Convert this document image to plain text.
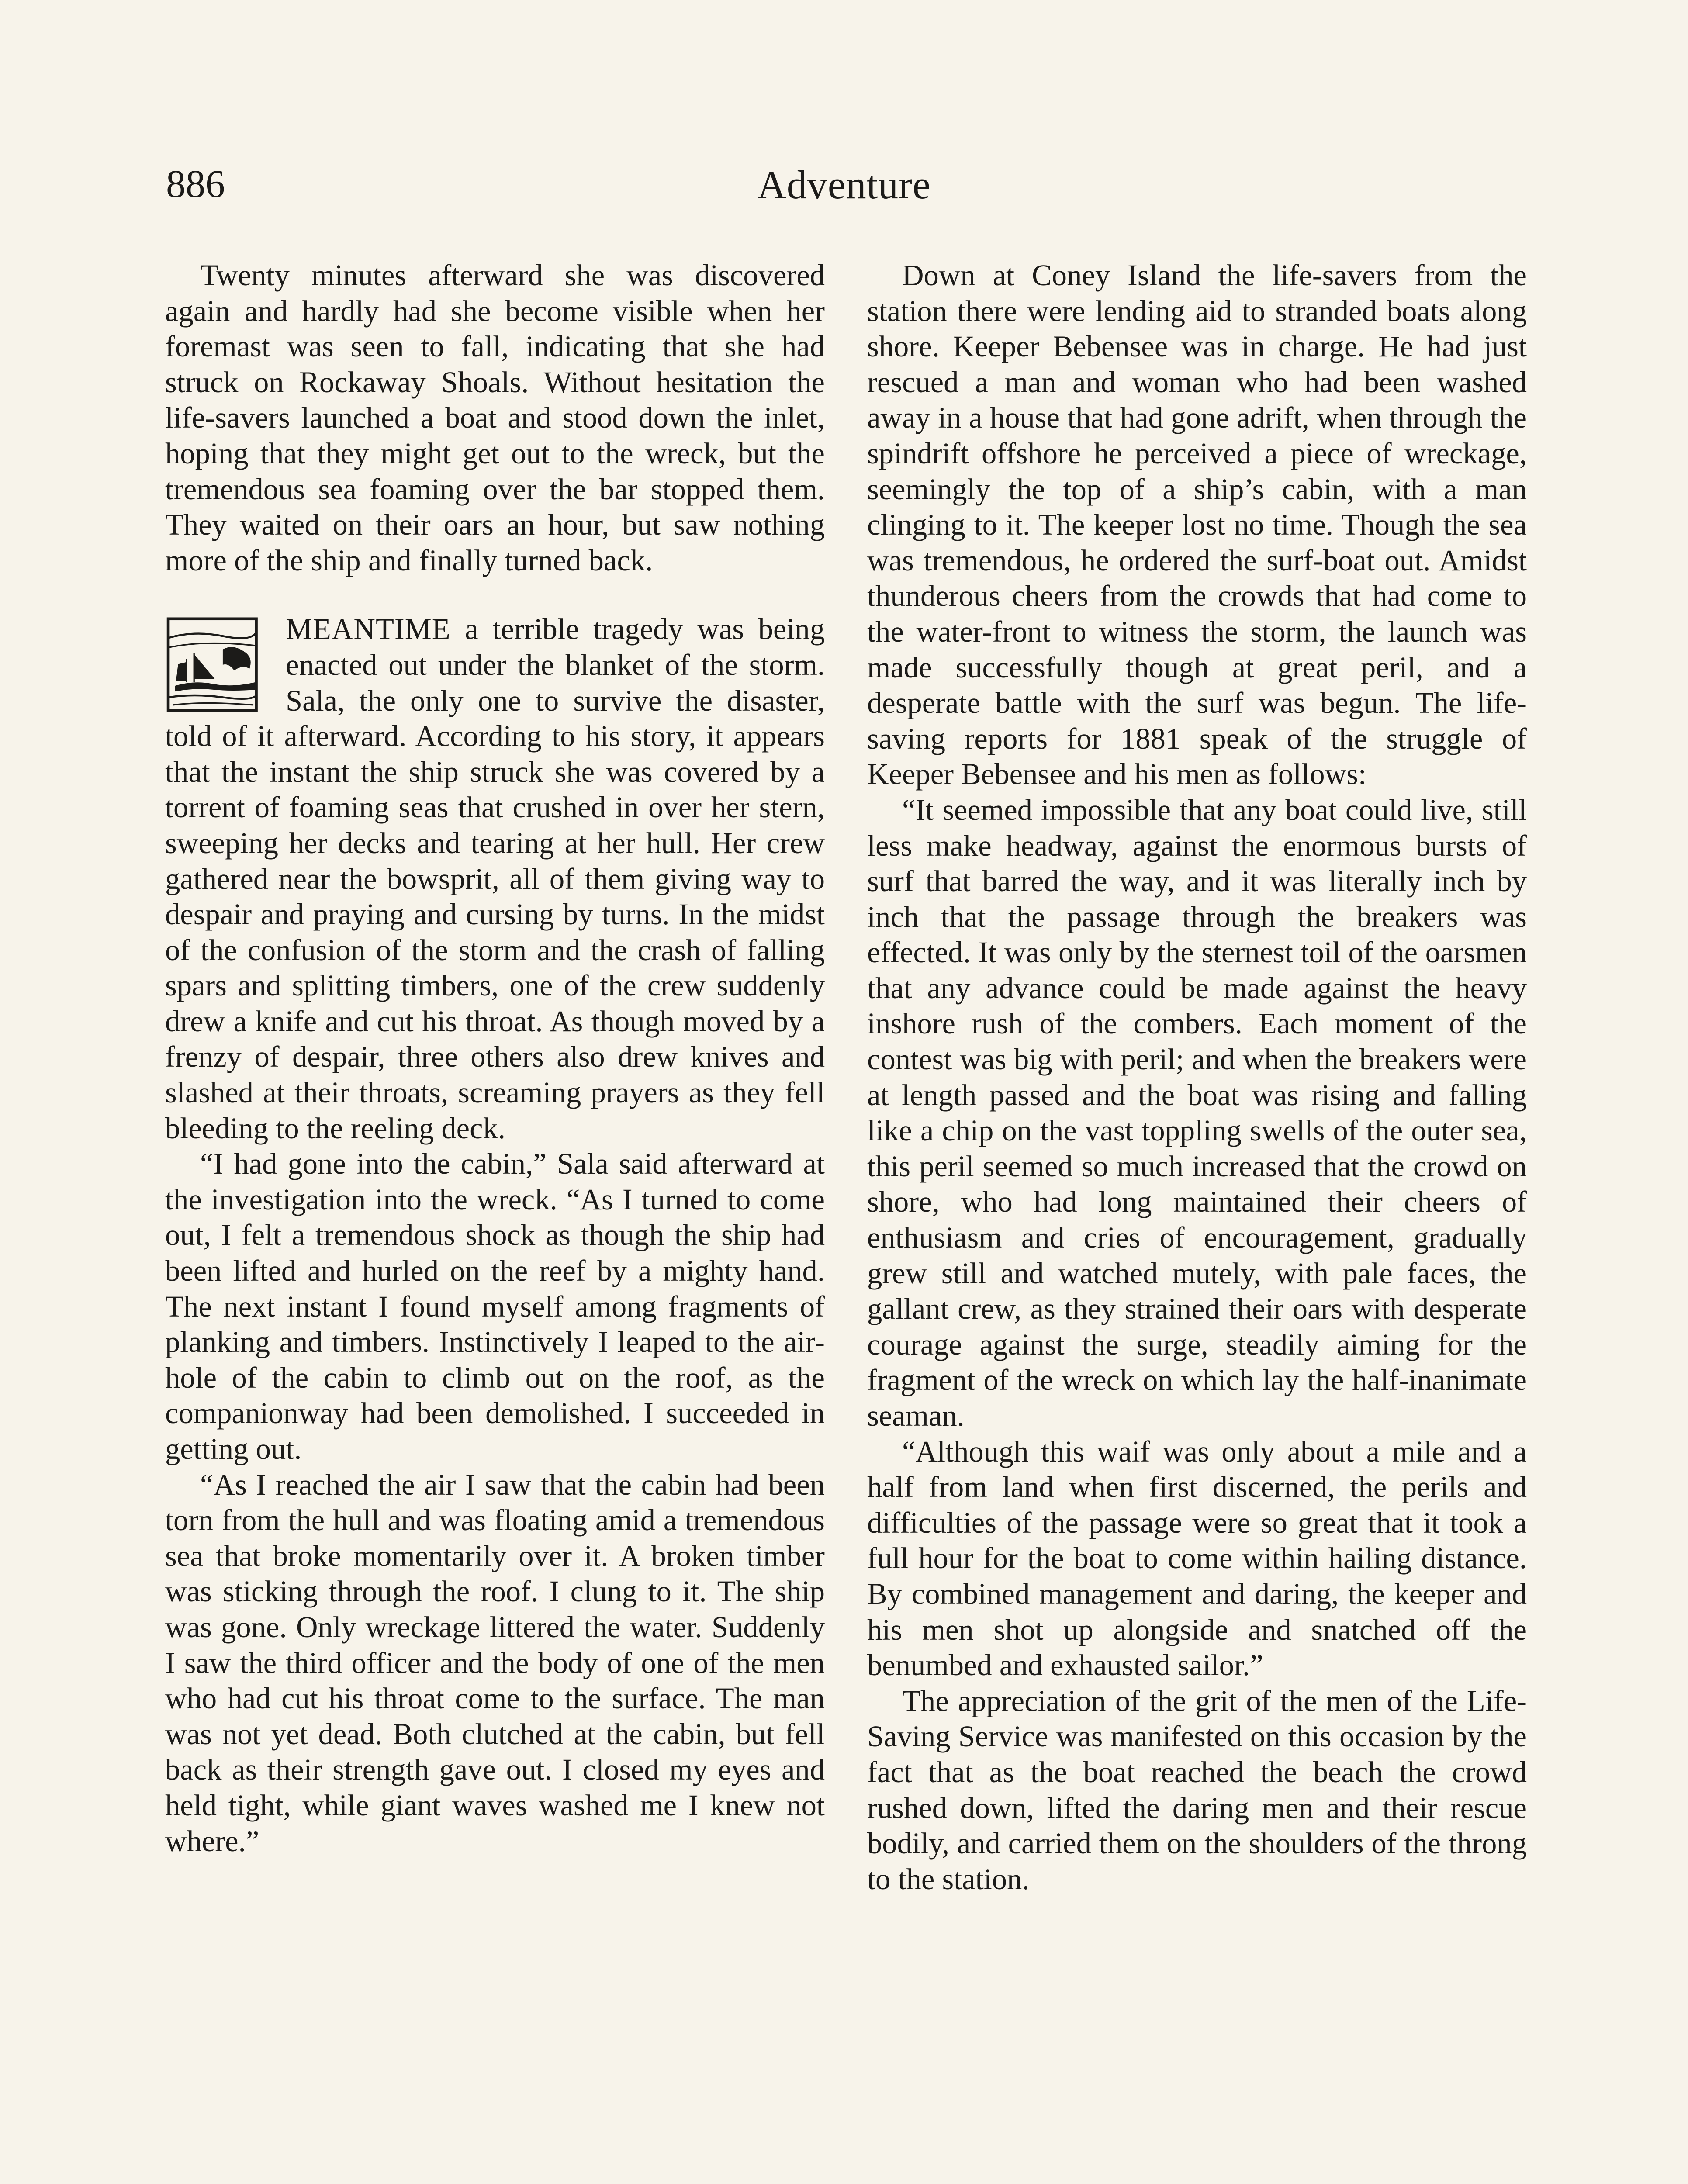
886	Adventure

Twenty minutes afterward she was discovered again and hardly had she become visible when her foremast was seen to fall, indicating that she had struck on Rockaway Shoals. Without hesitation the life-savers launched a boat and stood down the inlet, hoping that they might get out to the wreck, but the tremendous sea foaming over the bar stopped them. They waited on their oars an hour, but saw nothing more of the ship and finally turned back.

MEANTIME a terrible tragedy was being enacted out under the blanket of the storm. Sala, the only one to survive the disaster, told of it afterward. According to his story, it appears that the instant the ship struck she was covered by a torrent of foaming seas that crushed in over her stern, sweeping her decks and tearing at her hull. Her crew gathered near the bowsprit, all of them giving way to despair and praying and cursing by turns. In the midst of the confusion of the storm and the crash of falling spars and splitting timbers, one of the crew suddenly drew a knife and cut his throat. As though moved by a frenzy of despair, three others also drew knives and slashed at their throats, screaming prayers as they fell bleeding to the reeling deck.

“I had gone into the cabin,” Sala said afterward at the investigation into the wreck. “As I turned to come out, I felt a tremendous shock as though the ship had been lifted and hurled on the reef by a mighty hand. The next instant I found myself among fragments of planking and timbers. Instinctively I leaped to the air-hole of the cabin to climb out on the roof, as the companionway had been demolished. I succeeded in getting out.

“As I reached the air I saw that the cabin had been torn from the hull and was floating amid a tremendous sea that broke momentarily over it. A broken timber was sticking through the roof. I clung to it. The ship was gone. Only wreckage littered the water. Suddenly I saw the third officer and the body of one of the men who had cut his throat come to the surface. The man was not yet dead. Both clutched at the cabin, but fell back as their strength gave out. I closed my eyes and held tight, while giant waves washed me I knew not where.”

Down at Coney Island the life-savers from the station there were lending aid to stranded boats along shore. Keeper Bebensee was in charge. He had just rescued a man and woman who had been washed away in a house that had gone adrift, when through the spindrift offshore he perceived a piece of wreckage, seemingly the top of a ship’s cabin, with a man clinging to it. The keeper lost no time. Though the sea was tremendous, he ordered the surf-boat out. Amidst thunderous cheers from the crowds that had come to the water-front to witness the storm, the launch was made successfully though at great peril, and a desperate battle with the surf was begun. The life-saving reports for 1881 speak of the struggle of Keeper Bebensee and his men as follows:

“It seemed impossible that any boat could live, still less make headway, against the enormous bursts of surf that barred the way, and it was literally inch by inch that the passage through the breakers was effected. It was only by the sternest toil of the oarsmen that any advance could be made against the heavy inshore rush of the combers. Each moment of the contest was big with peril; and when the breakers were at length passed and the boat was rising and falling like a chip on the vast toppling swells of the outer sea, this peril seemed so much increased that the crowd on shore, who had long maintained their cheers of enthusiasm and cries of encouragement, gradually grew still and watched mutely, with pale faces, the gallant crew, as they strained their oars with desperate courage against the surge, steadily aiming for the fragment of the wreck on which lay the half-inanimate seaman.

“Although this waif was only about a mile and a half from land when first discerned, the perils and difficulties of the passage were so great that it took a full hour for the boat to come within hailing distance. By combined management and daring, the keeper and his men shot up alongside and snatched off the benumbed and exhausted sailor.”

The appreciation of the grit of the men of the Life-Saving Service was manifested on this occasion by the fact that as the boat reached the beach the crowd rushed down, lifted the daring men and their rescue bodily, and carried them on the shoulders of the throng to the station.
